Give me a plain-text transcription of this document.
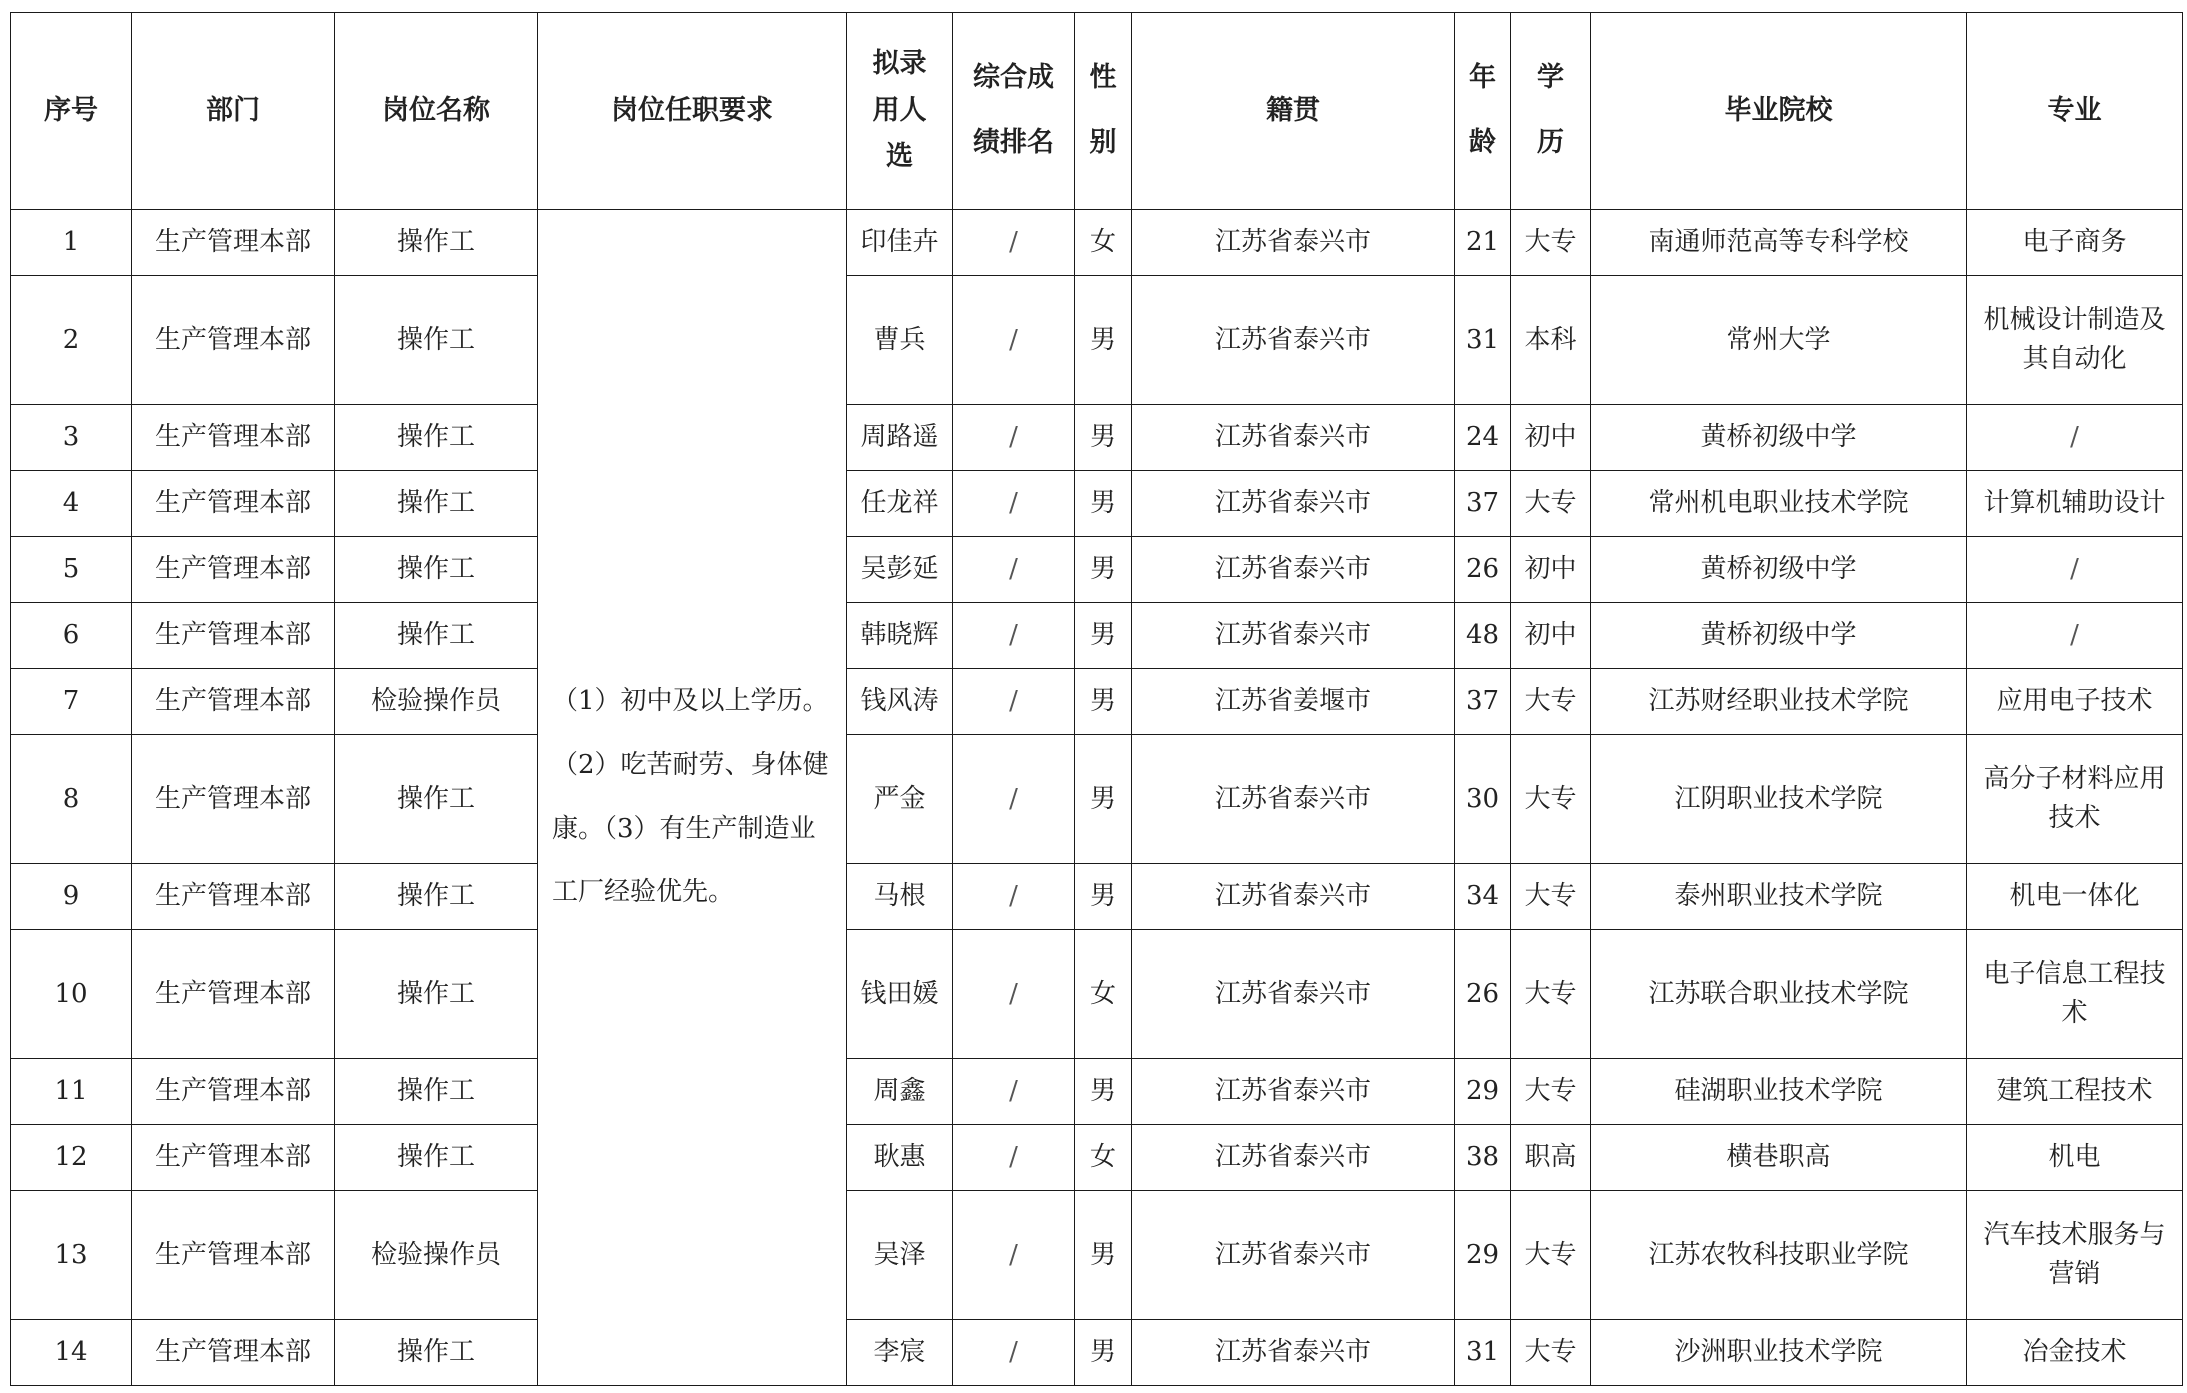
序号	部门	岗位名称	岗位任职要求	拟录用人选	综合成绩排名	性别	籍贯	年龄	学历	毕业院校	专业
1	生产管理本部	操作工	（1）初中及以上学历。（2）吃苦耐劳、身体健康。（3）有生产制造业工厂经验优先。	印佳卉	/	女	江苏省泰兴市	21	大专	南通师范高等专科学校	电子商务
2	生产管理本部	操作工		曹兵	/	男	江苏省泰兴市	31	本科	常州大学	机械设计制造及其自动化
3	生产管理本部	操作工		周路遥	/	男	江苏省泰兴市	24	初中	黄桥初级中学	/
4	生产管理本部	操作工		任龙祥	/	男	江苏省泰兴市	37	大专	常州机电职业技术学院	计算机辅助设计
5	生产管理本部	操作工		吴彭延	/	男	江苏省泰兴市	26	初中	黄桥初级中学	/
6	生产管理本部	操作工		韩晓辉	/	男	江苏省泰兴市	48	初中	黄桥初级中学	/
7	生产管理本部	检验操作员		钱风涛	/	男	江苏省姜堰市	37	大专	江苏财经职业技术学院	应用电子技术
8	生产管理本部	操作工		严金	/	男	江苏省泰兴市	30	大专	江阴职业技术学院	高分子材料应用技术
9	生产管理本部	操作工		马根	/	男	江苏省泰兴市	34	大专	泰州职业技术学院	机电一体化
10	生产管理本部	操作工		钱田媛	/	女	江苏省泰兴市	26	大专	江苏联合职业技术学院	电子信息工程技术
11	生产管理本部	操作工		周鑫	/	男	江苏省泰兴市	29	大专	硅湖职业技术学院	建筑工程技术
12	生产管理本部	操作工		耿惠	/	女	江苏省泰兴市	38	职高	横巷职高	机电
13	生产管理本部	检验操作员		吴泽	/	男	江苏省泰兴市	29	大专	江苏农牧科技职业学院	汽车技术服务与营销
14	生产管理本部	操作工		李宸	/	男	江苏省泰兴市	31	大专	沙洲职业技术学院	冶金技术
